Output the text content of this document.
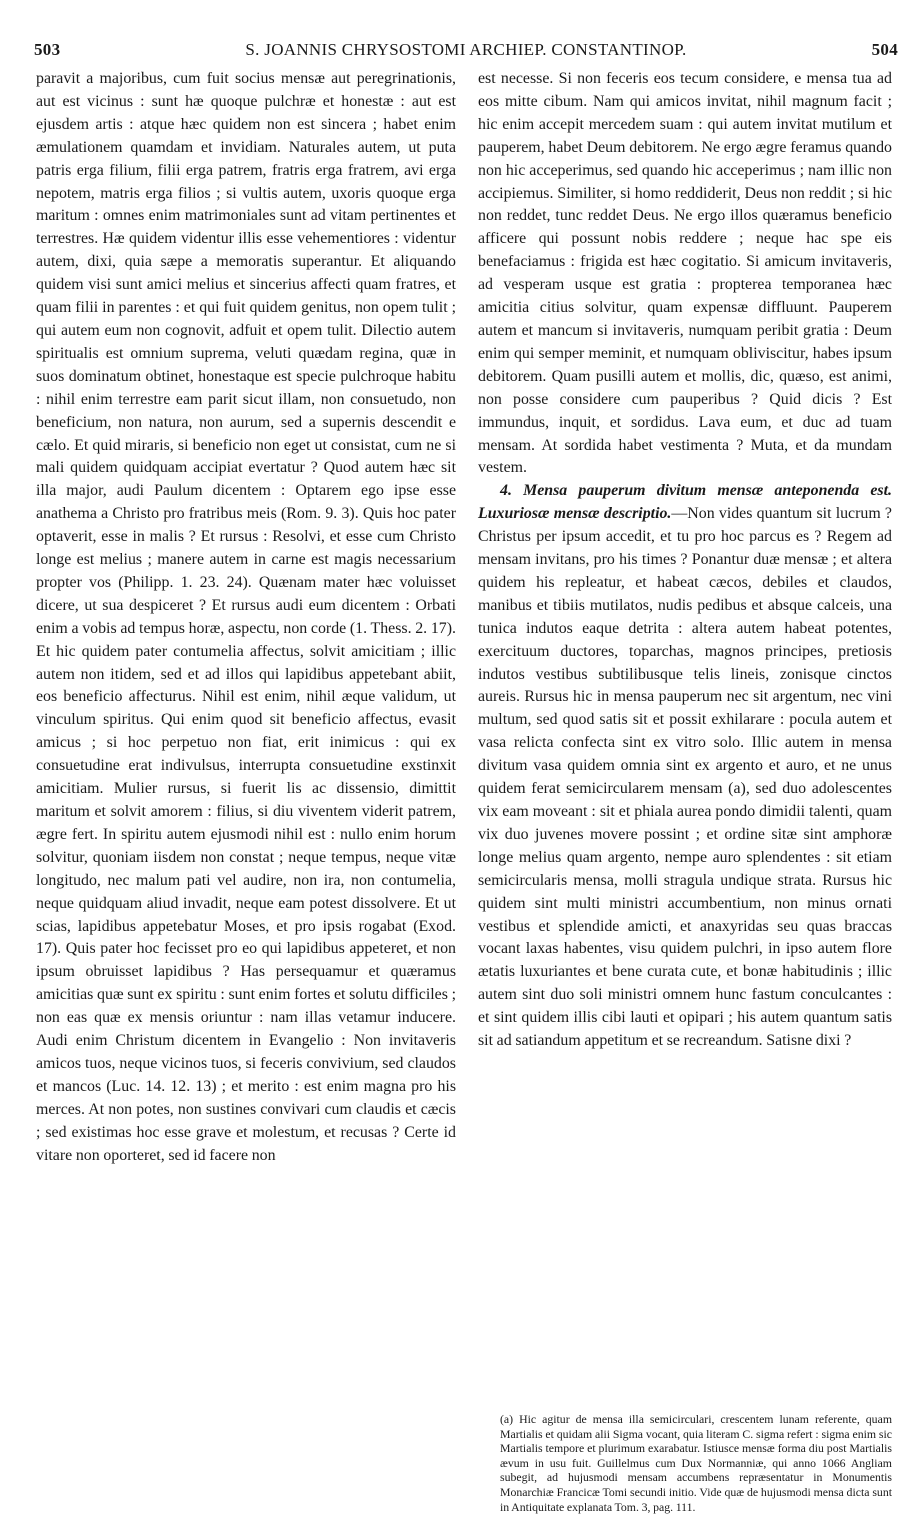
503	S. JOANNIS CHRYSOSTOMI ARCHIEP. CONSTANTINOP.	504

paravit a majoribus, cum fuit socius mensæ aut peregrinationis, aut est vicinus : sunt hæ quoque pulchræ et honestæ : aut est ejusdem artis : atque hæc quidem non est sincera ; habet enim æmulationem quamdam et invidiam. Naturales autem, ut puta patris erga filium, filii erga patrem, fratris erga fratrem, avi erga nepotem, matris erga filios ; si vultis autem, uxoris quoque erga maritum : omnes enim matrimoniales sunt ad vitam pertinentes et terrestres. Hæ quidem videntur illis esse vehementiores : videntur autem, dixi, quia sæpe a memoratis superantur. Et aliquando quidem visi sunt amici melius et sincerius affecti quam fratres, et quam filii in parentes : et qui fuit quidem genitus, non opem tulit ; qui autem eum non cognovit, adfuit et opem tulit. Dilectio autem spiritualis est omnium suprema, veluti quædam regina, quæ in suos dominatum obtinet, honestaque est specie pulchroque habitu : nihil enim terrestre eam parit sicut illam, non consuetudo, non beneficium, non natura, non aurum, sed a supernis descendit e cælo. Et quid miraris, si beneficio non eget ut consistat, cum ne si mali quidem quidquam accipiat evertatur ? Quod autem hæc sit illa major, audi Paulum dicentem : Optarem ego ipse esse anathema a Christo pro fratribus meis (Rom. 9. 3). Quis hoc pater optaverit, esse in malis ? Et rursus : Resolvi, et esse cum Christo longe est melius ; manere autem in carne est magis necessarium propter vos (Philipp. 1. 23. 24). Quænam mater hæc voluisset dicere, ut sua despiceret ? Et rursus audi eum dicentem : Orbati enim a vobis ad tempus horæ, aspectu, non corde (1. Thess. 2. 17). Et hic quidem pater contumelia affectus, solvit amicitiam ; illic autem non itidem, sed et ad illos qui lapidibus appetebant abiit, eos beneficio affecturus. Nihil est enim, nihil æque validum, ut vinculum spiritus. Qui enim quod sit beneficio affectus, evasit amicus ; si hoc perpetuo non fiat, erit inimicus : qui ex consuetudine erat indivulsus, interrupta consuetudine exstinxit amicitiam. Mulier rursus, si fuerit lis ac dissensio, dimittit maritum et solvit amorem : filius, si diu viventem viderit patrem, ægre fert. In spiritu autem ejusmodi nihil est : nullo enim horum solvitur, quoniam iisdem non constat ; neque tempus, neque vitæ longitudo, nec malum pati vel audire, non ira, non contumelia, neque quidquam aliud invadit, neque eam potest dissolvere. Et ut scias, lapidibus appetebatur Moses, et pro ipsis rogabat (Exod. 17). Quis pater hoc fecisset pro eo qui lapidibus appeteret, et non ipsum obruisset lapidibus ? Has persequamur et quæramus amicitias quæ sunt ex spiritu : sunt enim fortes et solutu difficiles ; non eas quæ ex mensis oriuntur : nam illas vetamur inducere. Audi enim Christum dicentem in Evangelio : Non invitaveris amicos tuos, neque vicinos tuos, si feceris convivium, sed claudos et mancos (Luc. 14. 12. 13) ; et merito : est enim magna pro his merces. At non potes, non sustines convivari cum claudis et cæcis ; sed existimas hoc esse grave et molestum, et recusas ? Certe id vitare non oporteret, sed id facere non

est necesse. Si non feceris eos tecum considere, e mensa tua ad eos mitte cibum. Nam qui amicos invitat, nihil magnum facit ; hic enim accepit mercedem suam : qui autem invitat mutilum et pauperem, habet Deum debitorem. Ne ergo ægre feramus quando non hic acceperimus, sed quando hic acceperimus ; nam illic non accipiemus. Similiter, si homo reddiderit, Deus non reddit ; si hic non reddet, tunc reddet Deus. Ne ergo illos quæramus beneficio afficere qui possunt nobis reddere ; neque hac spe eis benefaciamus : frigida est hæc cogitatio. Si amicum invitaveris, ad vesperam usque est gratia : propterea temporanea hæc amicitia citius solvitur, quam expensæ diffluunt. Pauperem autem et mancum si invitaveris, numquam peribit gratia : Deum enim qui semper meminit, et numquam obliviscitur, habes ipsum debitorem. Quam pusilli autem et mollis, dic, quæso, est animi, non posse considere cum pauperibus ? Quid dicis ? Est immundus, inquit, et sordidus. Lava eum, et duc ad tuam mensam. At sordida habet vestimenta ? Muta, et da mundam vestem.

4. Mensa pauperum divitum mensæ anteponenda est. Luxuriosæ mensæ descriptio.—Non vides quantum sit lucrum ? Christus per ipsum accedit, et tu pro hoc parcus es ? Regem ad mensam invitans, pro his times ? Ponantur duæ mensæ ; et altera quidem his repleatur, et habeat cæcos, debiles et claudos, manibus et tibiis mutilatos, nudis pedibus et absque calceis, una tunica indutos eaque detrita : altera autem habeat potentes, exercituum ductores, toparchas, magnos principes, pretiosis indutos vestibus subtilibusque telis lineis, zonisque cinctos aureis. Rursus hic in mensa pauperum nec sit argentum, nec vini multum, sed quod satis sit et possit exhilarare : pocula autem et vasa relicta confecta sint ex vitro solo. Illic autem in mensa divitum vasa quidem omnia sint ex argento et auro, et ne unus quidem ferat semicircularem mensam (a), sed duo adolescentes vix eam moveant : sit et phiala aurea pondo dimidii talenti, quam vix duo juvenes movere possint ; et ordine sitæ sint amphoræ longe melius quam argento, nempe auro splendentes : sit etiam semicircularis mensa, molli stragula undique strata. Rursus hic quidem sint multi ministri accumbentium, non minus ornati vestibus et splendide amicti, et anaxyridas seu quas braccas vocant laxas habentes, visu quidem pulchri, in ipso autem flore ætatis luxuriantes et bene curata cute, et bonæ habitudinis ; illic autem sint duo soli ministri omnem hunc fastum conculcantes : et sint quidem illis cibi lauti et opipari ; his autem quantum satis sit ad satiandum appetitum et se recreandum. Satisne dixi ?

(a) Hic agitur de mensa illa semicirculari, crescentem lunam referente, quam Martialis et quidam alii Sigma vocant, quia literam C. sigma refert : sigma enim sic Martialis tempore et plurimum exarabatur. Istiusce mensæ forma diu post Martialis ævum in usu fuit. Guillelmus cum Dux Normanniæ, qui anno 1066 Angliam subegit, ad hujusmodi mensam accumbens repræsentatur in Monumentis Monarchiæ Francicæ Tomi secundi initio. Vide quæ de hujusmodi mensa dicta sunt in Antiquitate explanata Tom. 3, pag. 111.
